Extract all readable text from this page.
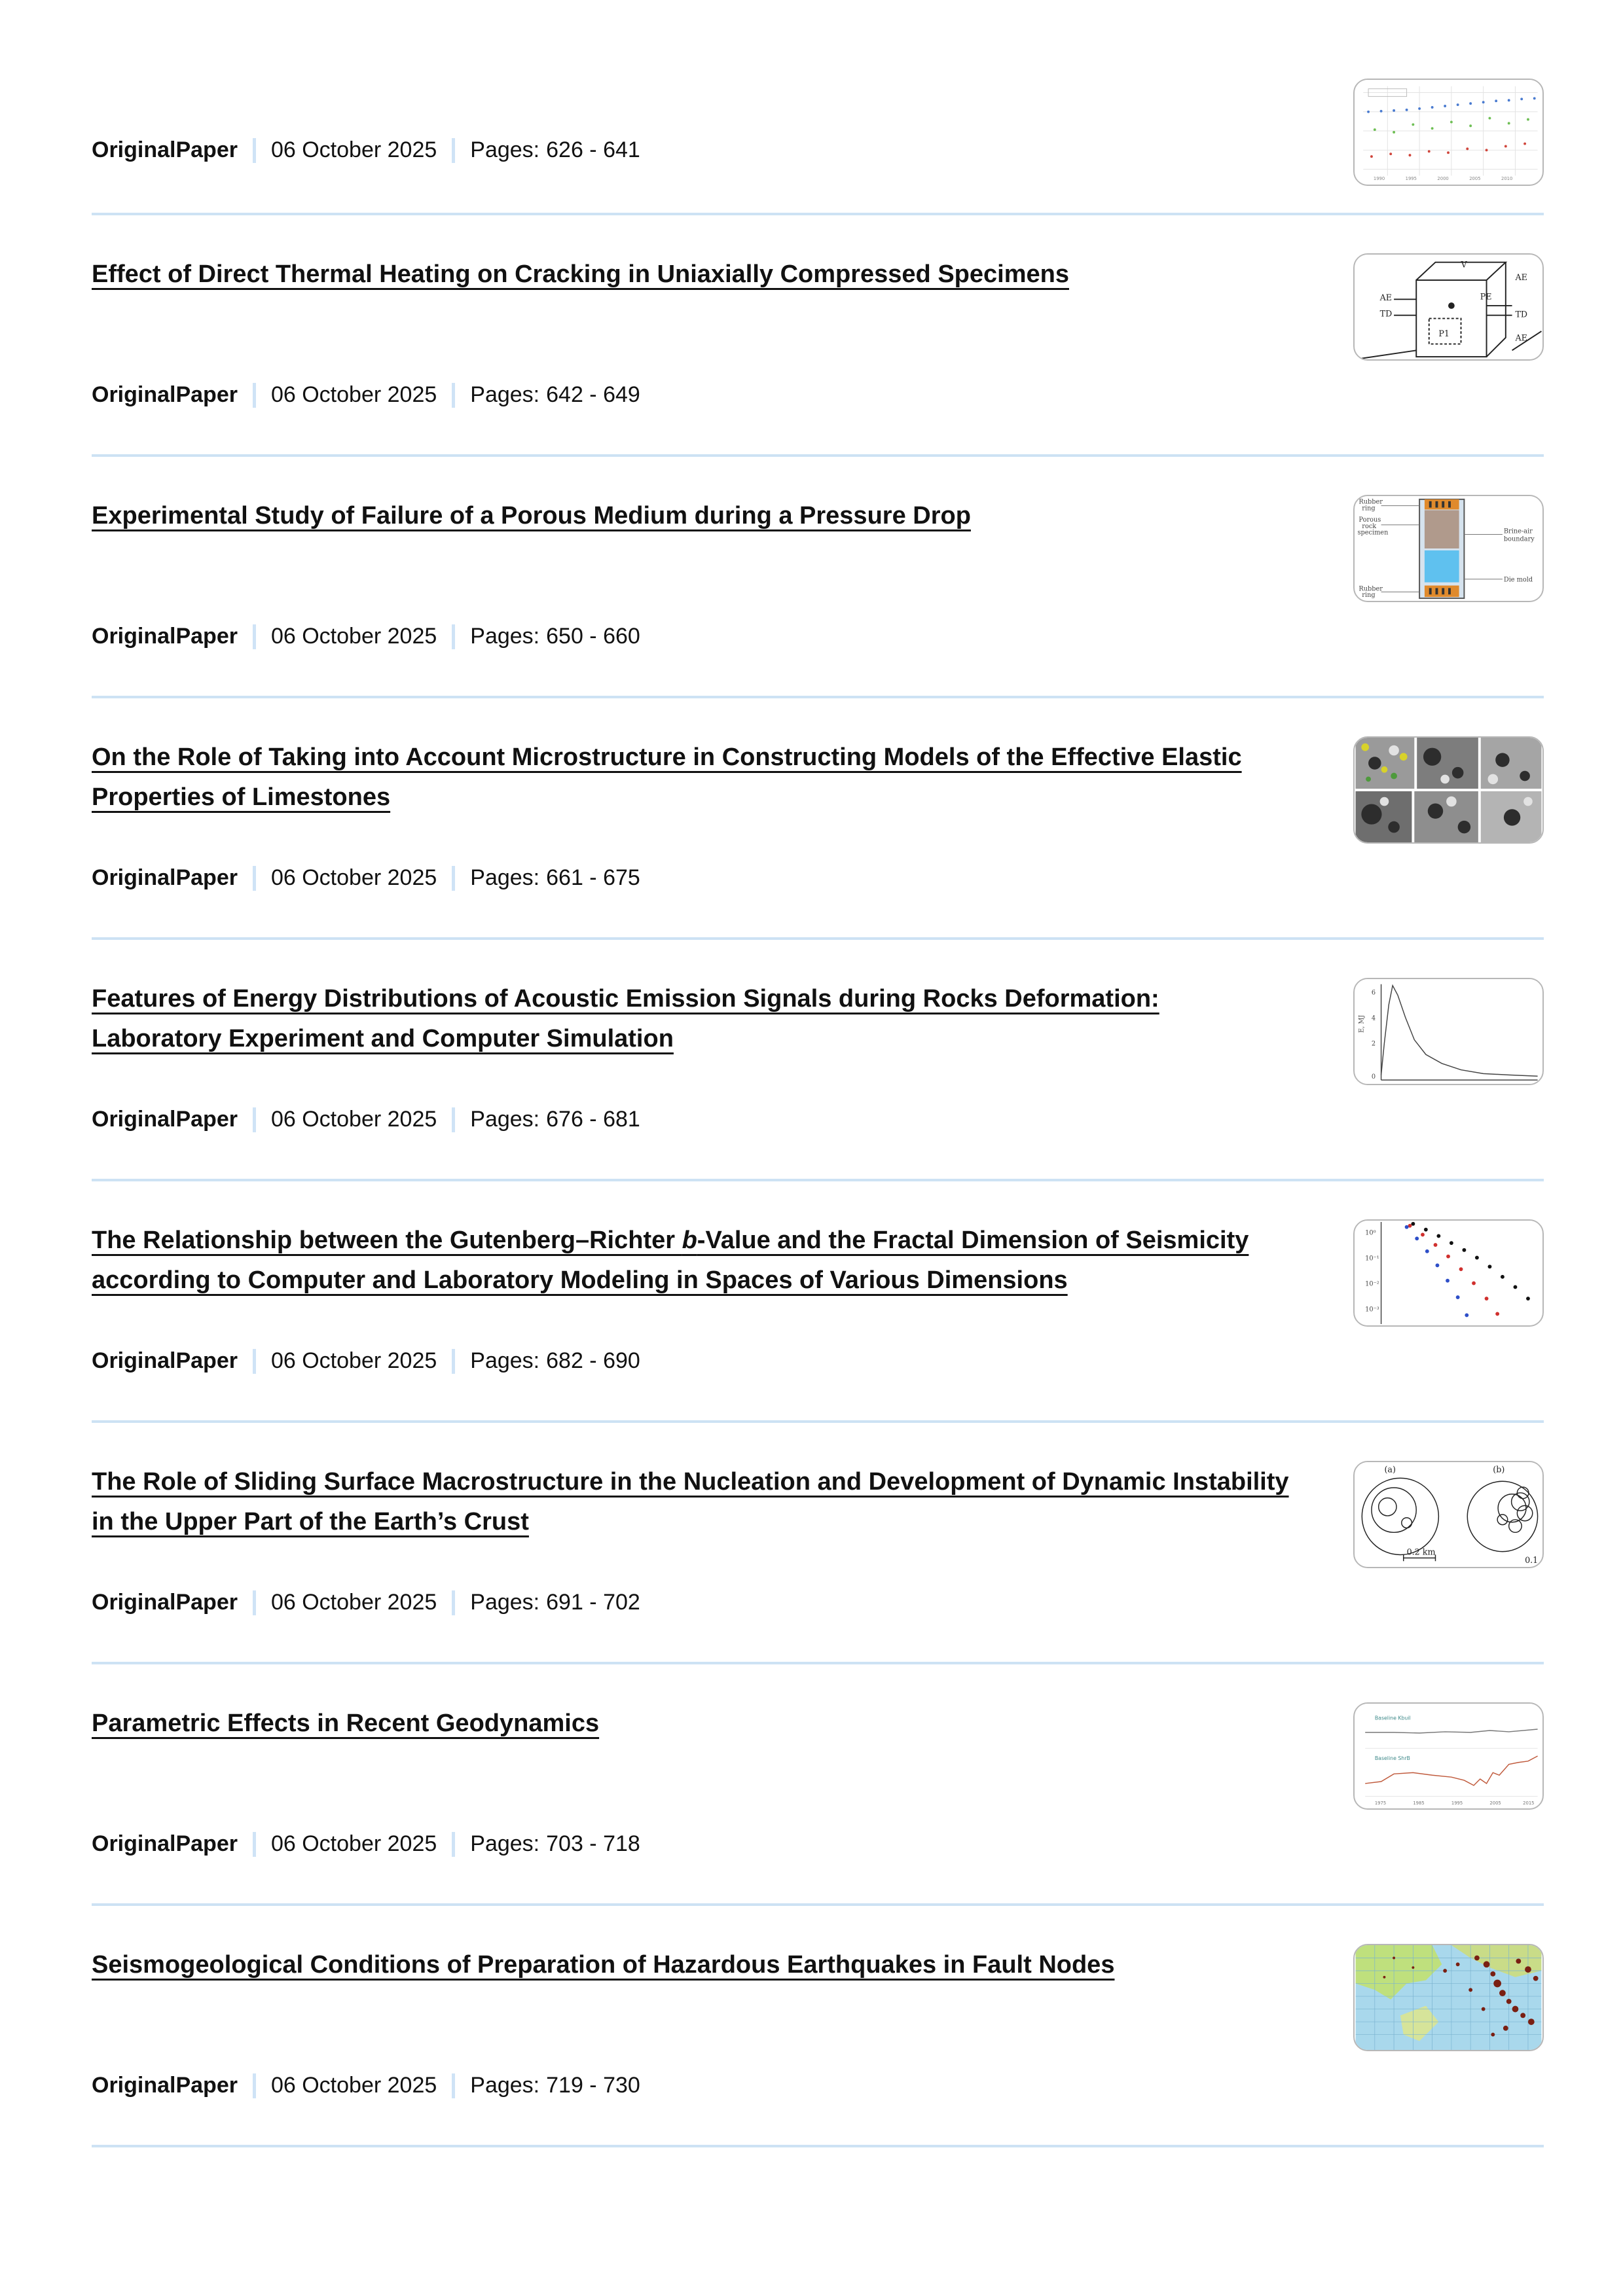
1990	1995	2000	2005	2010
OriginalPaper 06 October 2025 Pages: 626 - 641
Effect of Direct Thermal Heating on Cracking in Uniaxially Compressed Specimens
AE
TD
AE
TD
AE
PE
P1
V
OriginalPaper 06 October 2025 Pages: 642 - 649
Experimental Study of Failure of a Porous Medium during a Pressure Drop	Rubber
ring
Porous
rock
specimen	Brine-air
boundary
Die mold
Rubber
ring
OriginalPaper 06 October 2025 Pages: 650 - 660
On the Role of Taking into Account Microstructure in Constructing Models of the Effective Elastic Properties of Limestones
OriginalPaper 06 October 2025 Pages: 661 - 675
Features of Energy Distributions of Acoustic Emission Signals during Rocks Deformation: Laboratory Experiment and Computer Simulation
6
4
2
0
E, MJ
OriginalPaper 06 October 2025 Pages: 676 - 681
The Relationship between the Gutenberg–Richter b-Value and the Fractal Dimension of Seismicity according to Computer and Laboratory Modeling in Spaces of Various Dimensions
10⁰
10⁻¹
10⁻²
10⁻³
OriginalPaper 06 October 2025 Pages: 682 - 690
The Role of Sliding Surface Macrostructure in the Nucleation and Development of Dynamic Instability in the Upper Part of the Earth’s Crust
(a)	(b)
0.2 km
0.1
OriginalPaper 06 October 2025 Pages: 691 - 702
Parametric Effects in Recent Geodynamics	Baseline Kbuil
Baseline ShrB
1975	1985	1995	2005	2015
OriginalPaper 06 October 2025 Pages: 703 - 718
Seismogeological Conditions of Preparation of Hazardous Earthquakes in Fault Nodes
OriginalPaper 06 October 2025 Pages: 719 - 730
